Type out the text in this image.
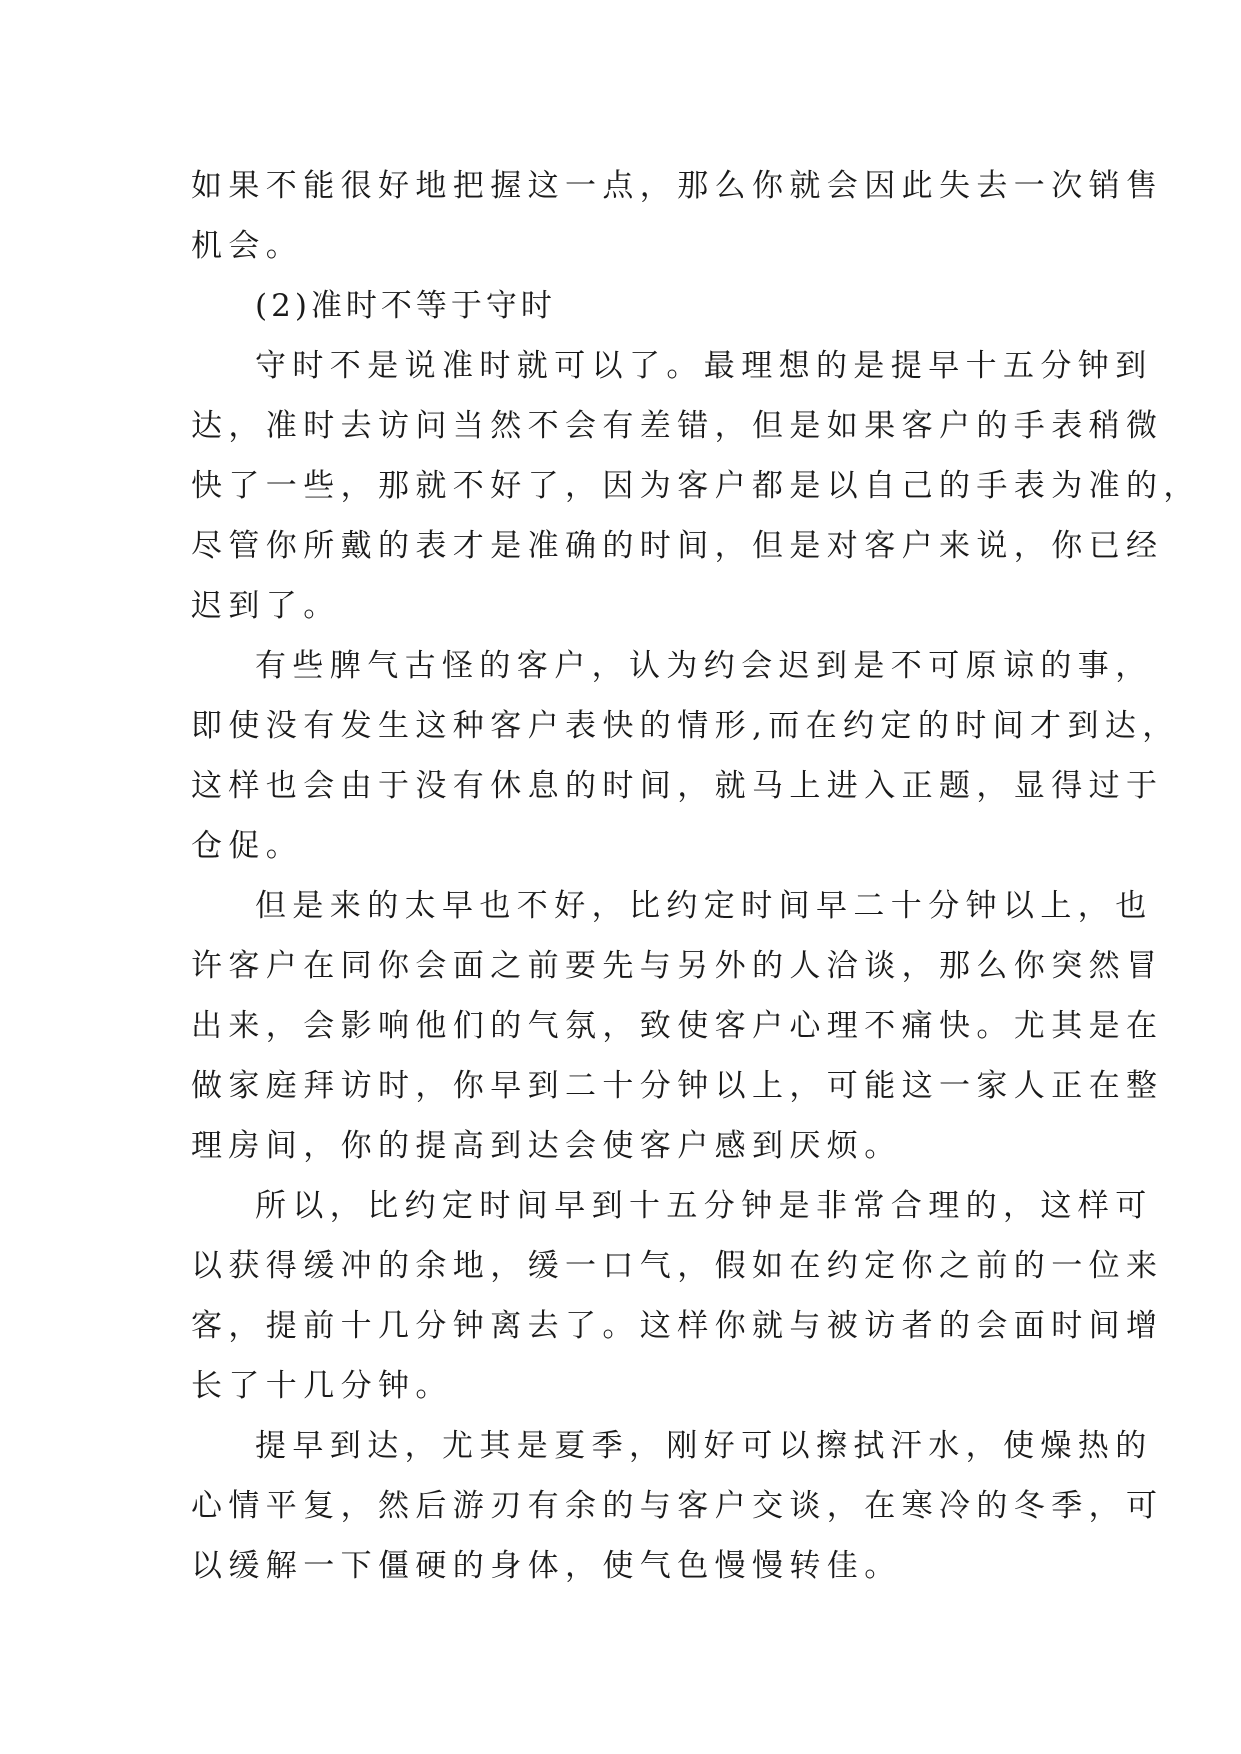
如果不能很好地把握这一点，那么你就会因此失去一次销售
机会。
(2)准时不等于守时
守时不是说准时就可以了。最理想的是提早十五分钟到
达，准时去访问当然不会有差错，但是如果客户的手表稍微
快了一些，那就不好了，因为客户都是以自己的手表为准的，
尽管你所戴的表才是准确的时间，但是对客户来说，你已经
迟到了。
有些脾气古怪的客户，认为约会迟到是不可原谅的事，
即使没有发生这种客户表快的情形,而在约定的时间才到达，
这样也会由于没有休息的时间，就马上进入正题，显得过于
仓促。
但是来的太早也不好，比约定时间早二十分钟以上，也
许客户在同你会面之前要先与另外的人洽谈，那么你突然冒
出来，会影响他们的气氛，致使客户心理不痛快。尤其是在
做家庭拜访时，你早到二十分钟以上，可能这一家人正在整
理房间，你的提高到达会使客户感到厌烦。
所以，比约定时间早到十五分钟是非常合理的，这样可
以获得缓冲的余地，缓一口气，假如在约定你之前的一位来
客，提前十几分钟离去了。这样你就与被访者的会面时间增
长了十几分钟。
提早到达，尤其是夏季，刚好可以擦拭汗水，使燥热的
心情平复，然后游刃有余的与客户交谈，在寒冷的冬季，可
以缓解一下僵硬的身体，使气色慢慢转佳。
